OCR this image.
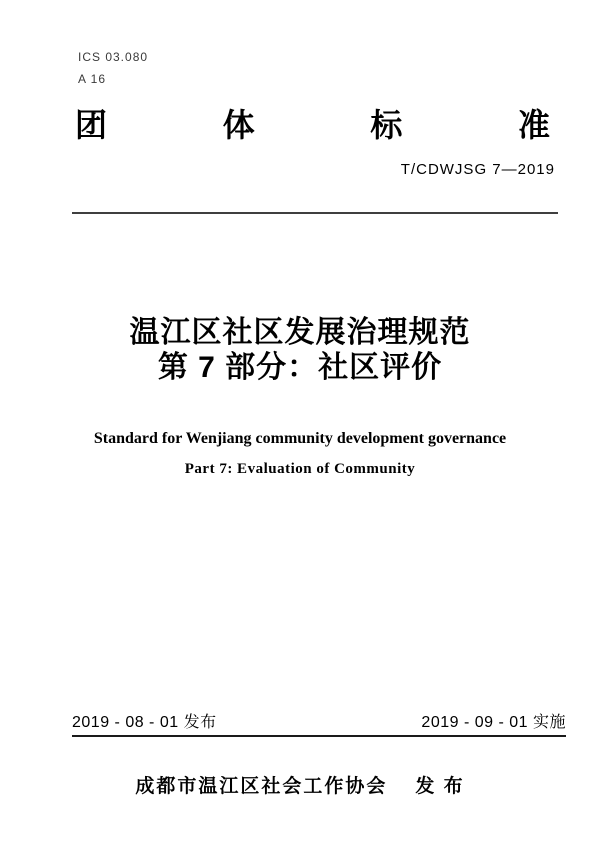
ICS 03.080
A 16
团	体	标	准
T/CDWJSG 7—2019
温江区社区发展治理规范
第 7 部分：社区评价
Standard for Wenjiang community development governance
Part 7: Evaluation of Community
2019 - 08 - 01 发布	2019 - 09 - 01 实施
成都市温江区社会工作协会 发 布
